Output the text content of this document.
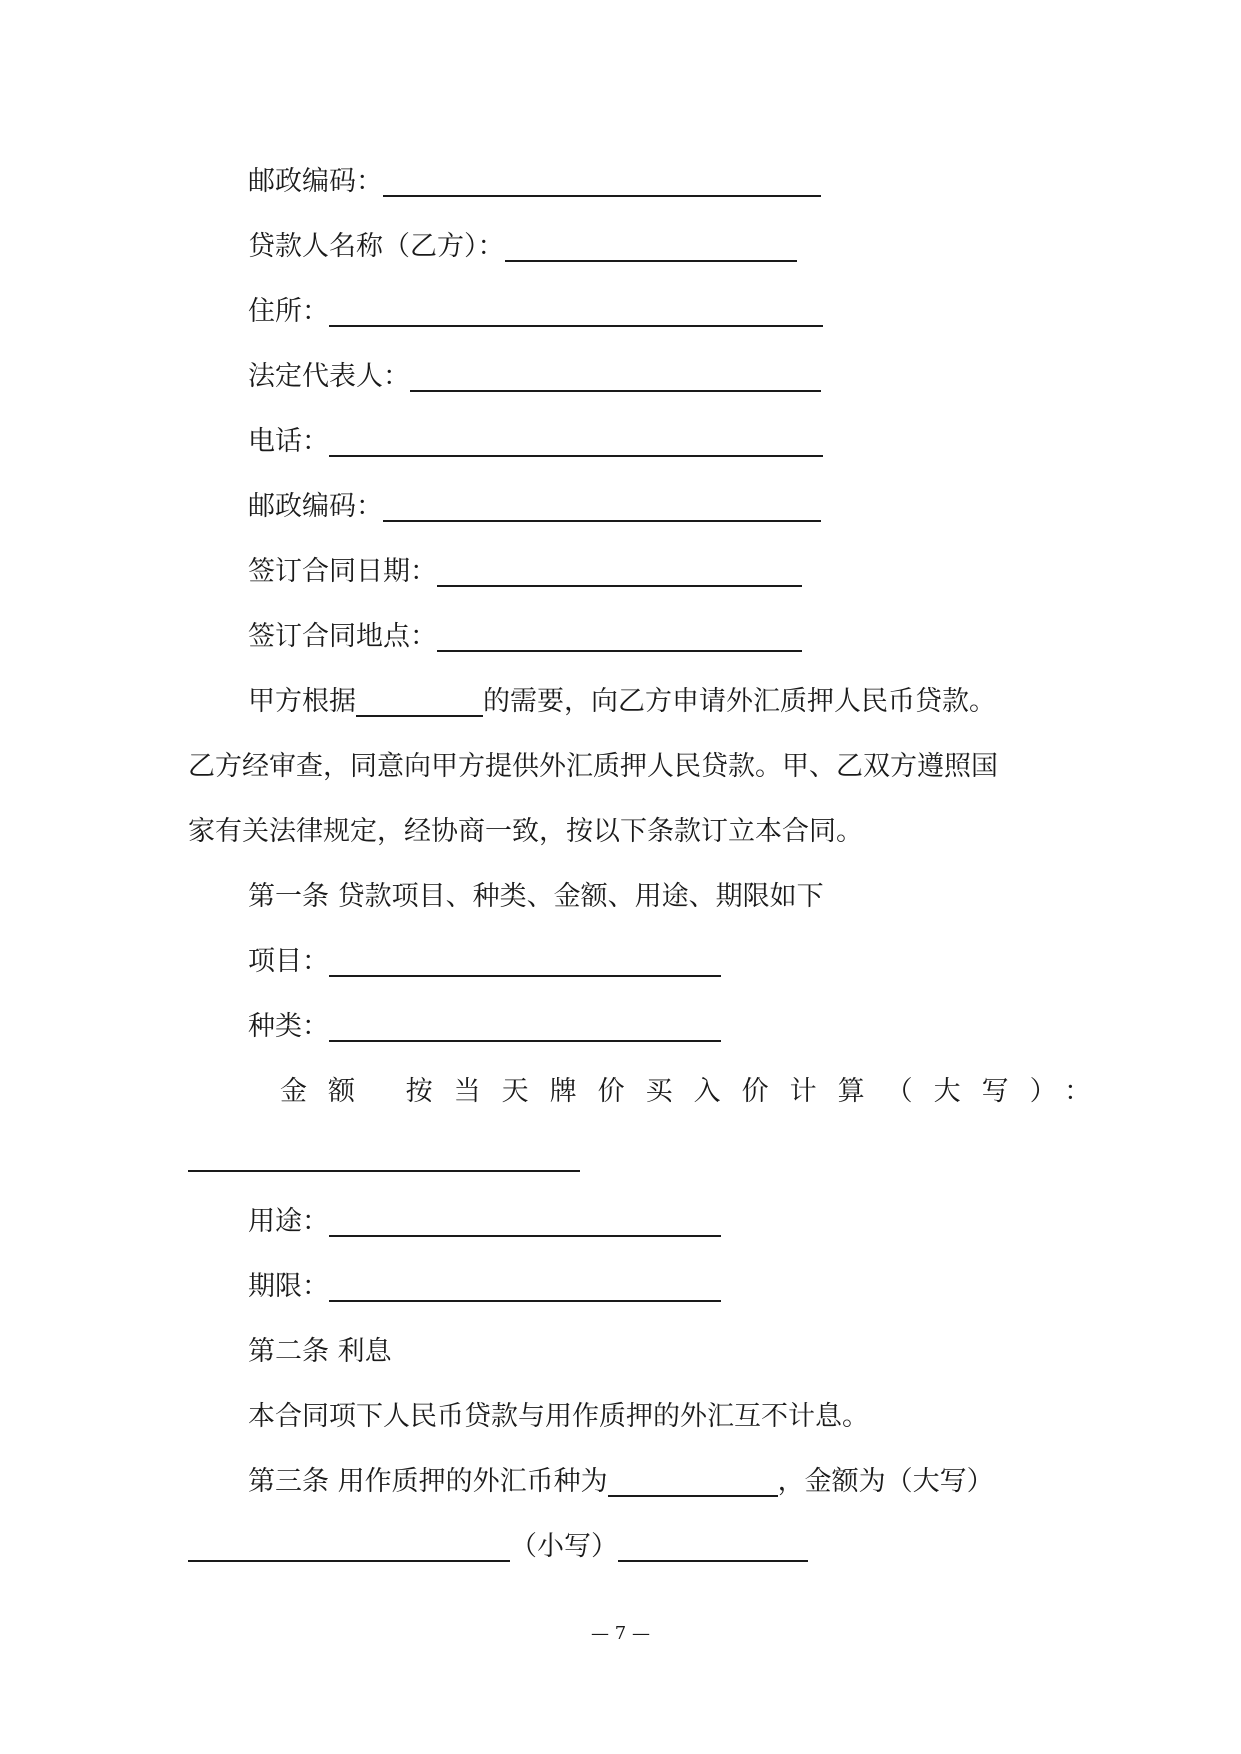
邮政编码：
贷款人名称（乙方）：
住所：
法定代表人：
电话：
邮政编码：
签订合同日期：
签订合同地点：
甲方根据	的需要，向乙方申请外汇质押人民币贷款。
乙方经审查，同意向甲方提供外汇质押人民贷款。甲、乙双方遵照国
家有关法律规定，经协商一致，按以下条款订立本合同。
第一条 贷款项目、种类、金额、用途、期限如下
项目：
种类：
金额 按当天牌价买入价计算（大写）：
用途：
期限：
第二条 利息
本合同项下人民币贷款与用作质押的外汇互不计息。
第三条 用作质押的外汇币种为	，金额为（大写）
（小写）
— 7 —
